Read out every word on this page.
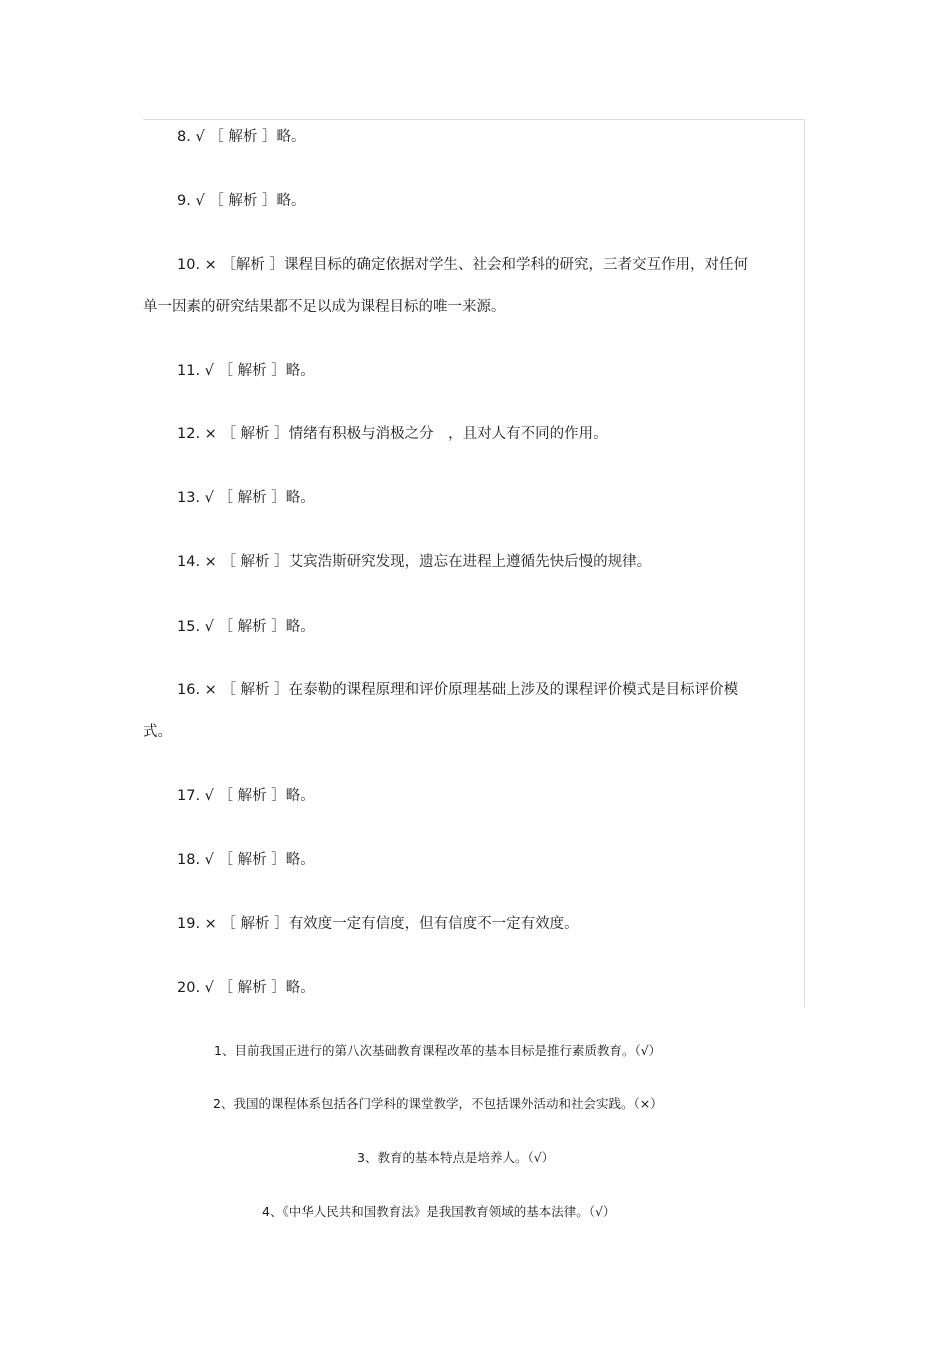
8. √ ［ 解析 ］略。
9. √ ［ 解析 ］略。
10. × ［解析 ］课程目标的确定依据对学生、社会和学科的研究，三者交互作用，对任何
单一因素的研究结果都不足以成为课程目标的唯一来源。
11. √ ［ 解析 ］略。
12. × ［ 解析 ］情绪有积极与消极之分　，且对人有不同的作用。
13. √ ［ 解析 ］略。
14. × ［ 解析 ］艾宾浩斯研究发现，遗忘在进程上遵循先快后慢的规律。
15. √ ［ 解析 ］略。
16. × ［ 解析 ］在泰勒的课程原理和评价原理基础上涉及的课程评价模式是目标评价模
式。
17. √ ［ 解析 ］略。
18. √ ［ 解析 ］略。
19. × ［ 解析 ］有效度一定有信度，但有信度不一定有效度。
20. √ ［ 解析 ］略。
1、目前我国正进行的第八次基础教育课程改革的基本目标是推行素质教育。（√）
2、我国的课程体系包括各门学科的课堂教学，不包括课外活动和社会实践。（×）
3、教育的基本特点是培养人。（√）
4、《中华人民共和国教育法》是我国教育领域的基本法律。（√）
